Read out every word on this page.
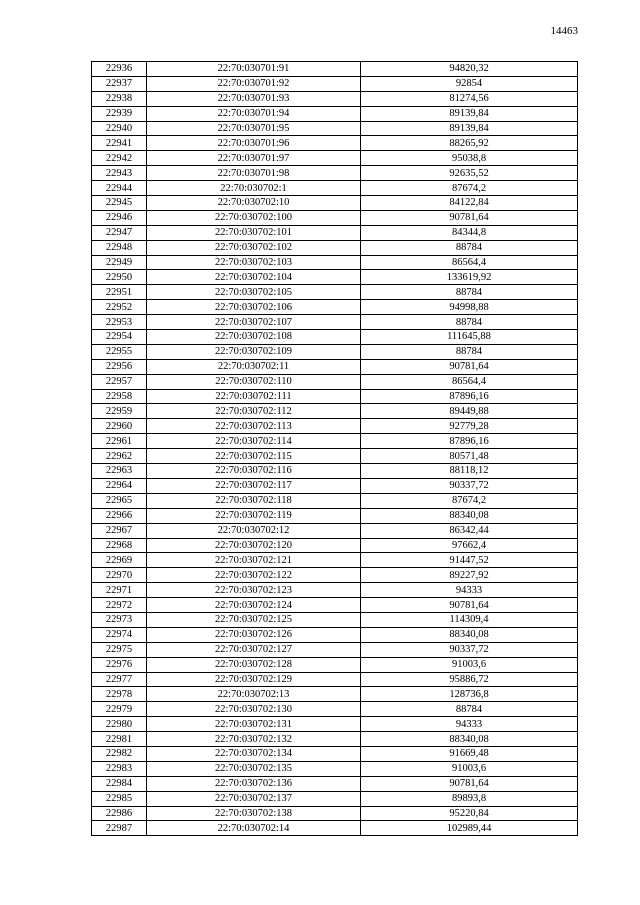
14463
22936	22:70:030701:91	94820,32
22937	22:70:030701:92	92854
22938	22:70:030701:93	81274,56
22939	22:70:030701:94	89139,84
22940	22:70:030701:95	89139,84
22941	22:70:030701:96	88265,92
22942	22:70:030701:97	95038,8
22943	22:70:030701:98	92635,52
22944	22:70:030702:1	87674,2
22945	22:70:030702:10	84122,84
22946	22:70:030702:100	90781,64
22947	22:70:030702:101	84344,8
22948	22:70:030702:102	88784
22949	22:70:030702:103	86564,4
22950	22:70:030702:104	133619,92
22951	22:70:030702:105	88784
22952	22:70:030702:106	94998,88
22953	22:70:030702:107	88784
22954	22:70:030702:108	111645,88
22955	22:70:030702:109	88784
22956	22:70:030702:11	90781,64
22957	22:70:030702:110	86564,4
22958	22:70:030702:111	87896,16
22959	22:70:030702:112	89449,88
22960	22:70:030702:113	92779,28
22961	22:70:030702:114	87896,16
22962	22:70:030702:115	80571,48
22963	22:70:030702:116	88118,12
22964	22:70:030702:117	90337,72
22965	22:70:030702:118	87674,2
22966	22:70:030702:119	88340,08
22967	22:70:030702:12	86342,44
22968	22:70:030702:120	97662,4
22969	22:70:030702:121	91447,52
22970	22:70:030702:122	89227,92
22971	22:70:030702:123	94333
22972	22:70:030702:124	90781,64
22973	22:70:030702:125	114309,4
22974	22:70:030702:126	88340,08
22975	22:70:030702:127	90337,72
22976	22:70:030702:128	91003,6
22977	22:70:030702:129	95886,72
22978	22:70:030702:13	128736,8
22979	22:70:030702:130	88784
22980	22:70:030702:131	94333
22981	22:70:030702:132	88340,08
22982	22:70:030702:134	91669,48
22983	22:70:030702:135	91003,6
22984	22:70:030702:136	90781,64
22985	22:70:030702:137	89893,8
22986	22:70:030702:138	95220,84
22987	22:70:030702:14	102989,44
